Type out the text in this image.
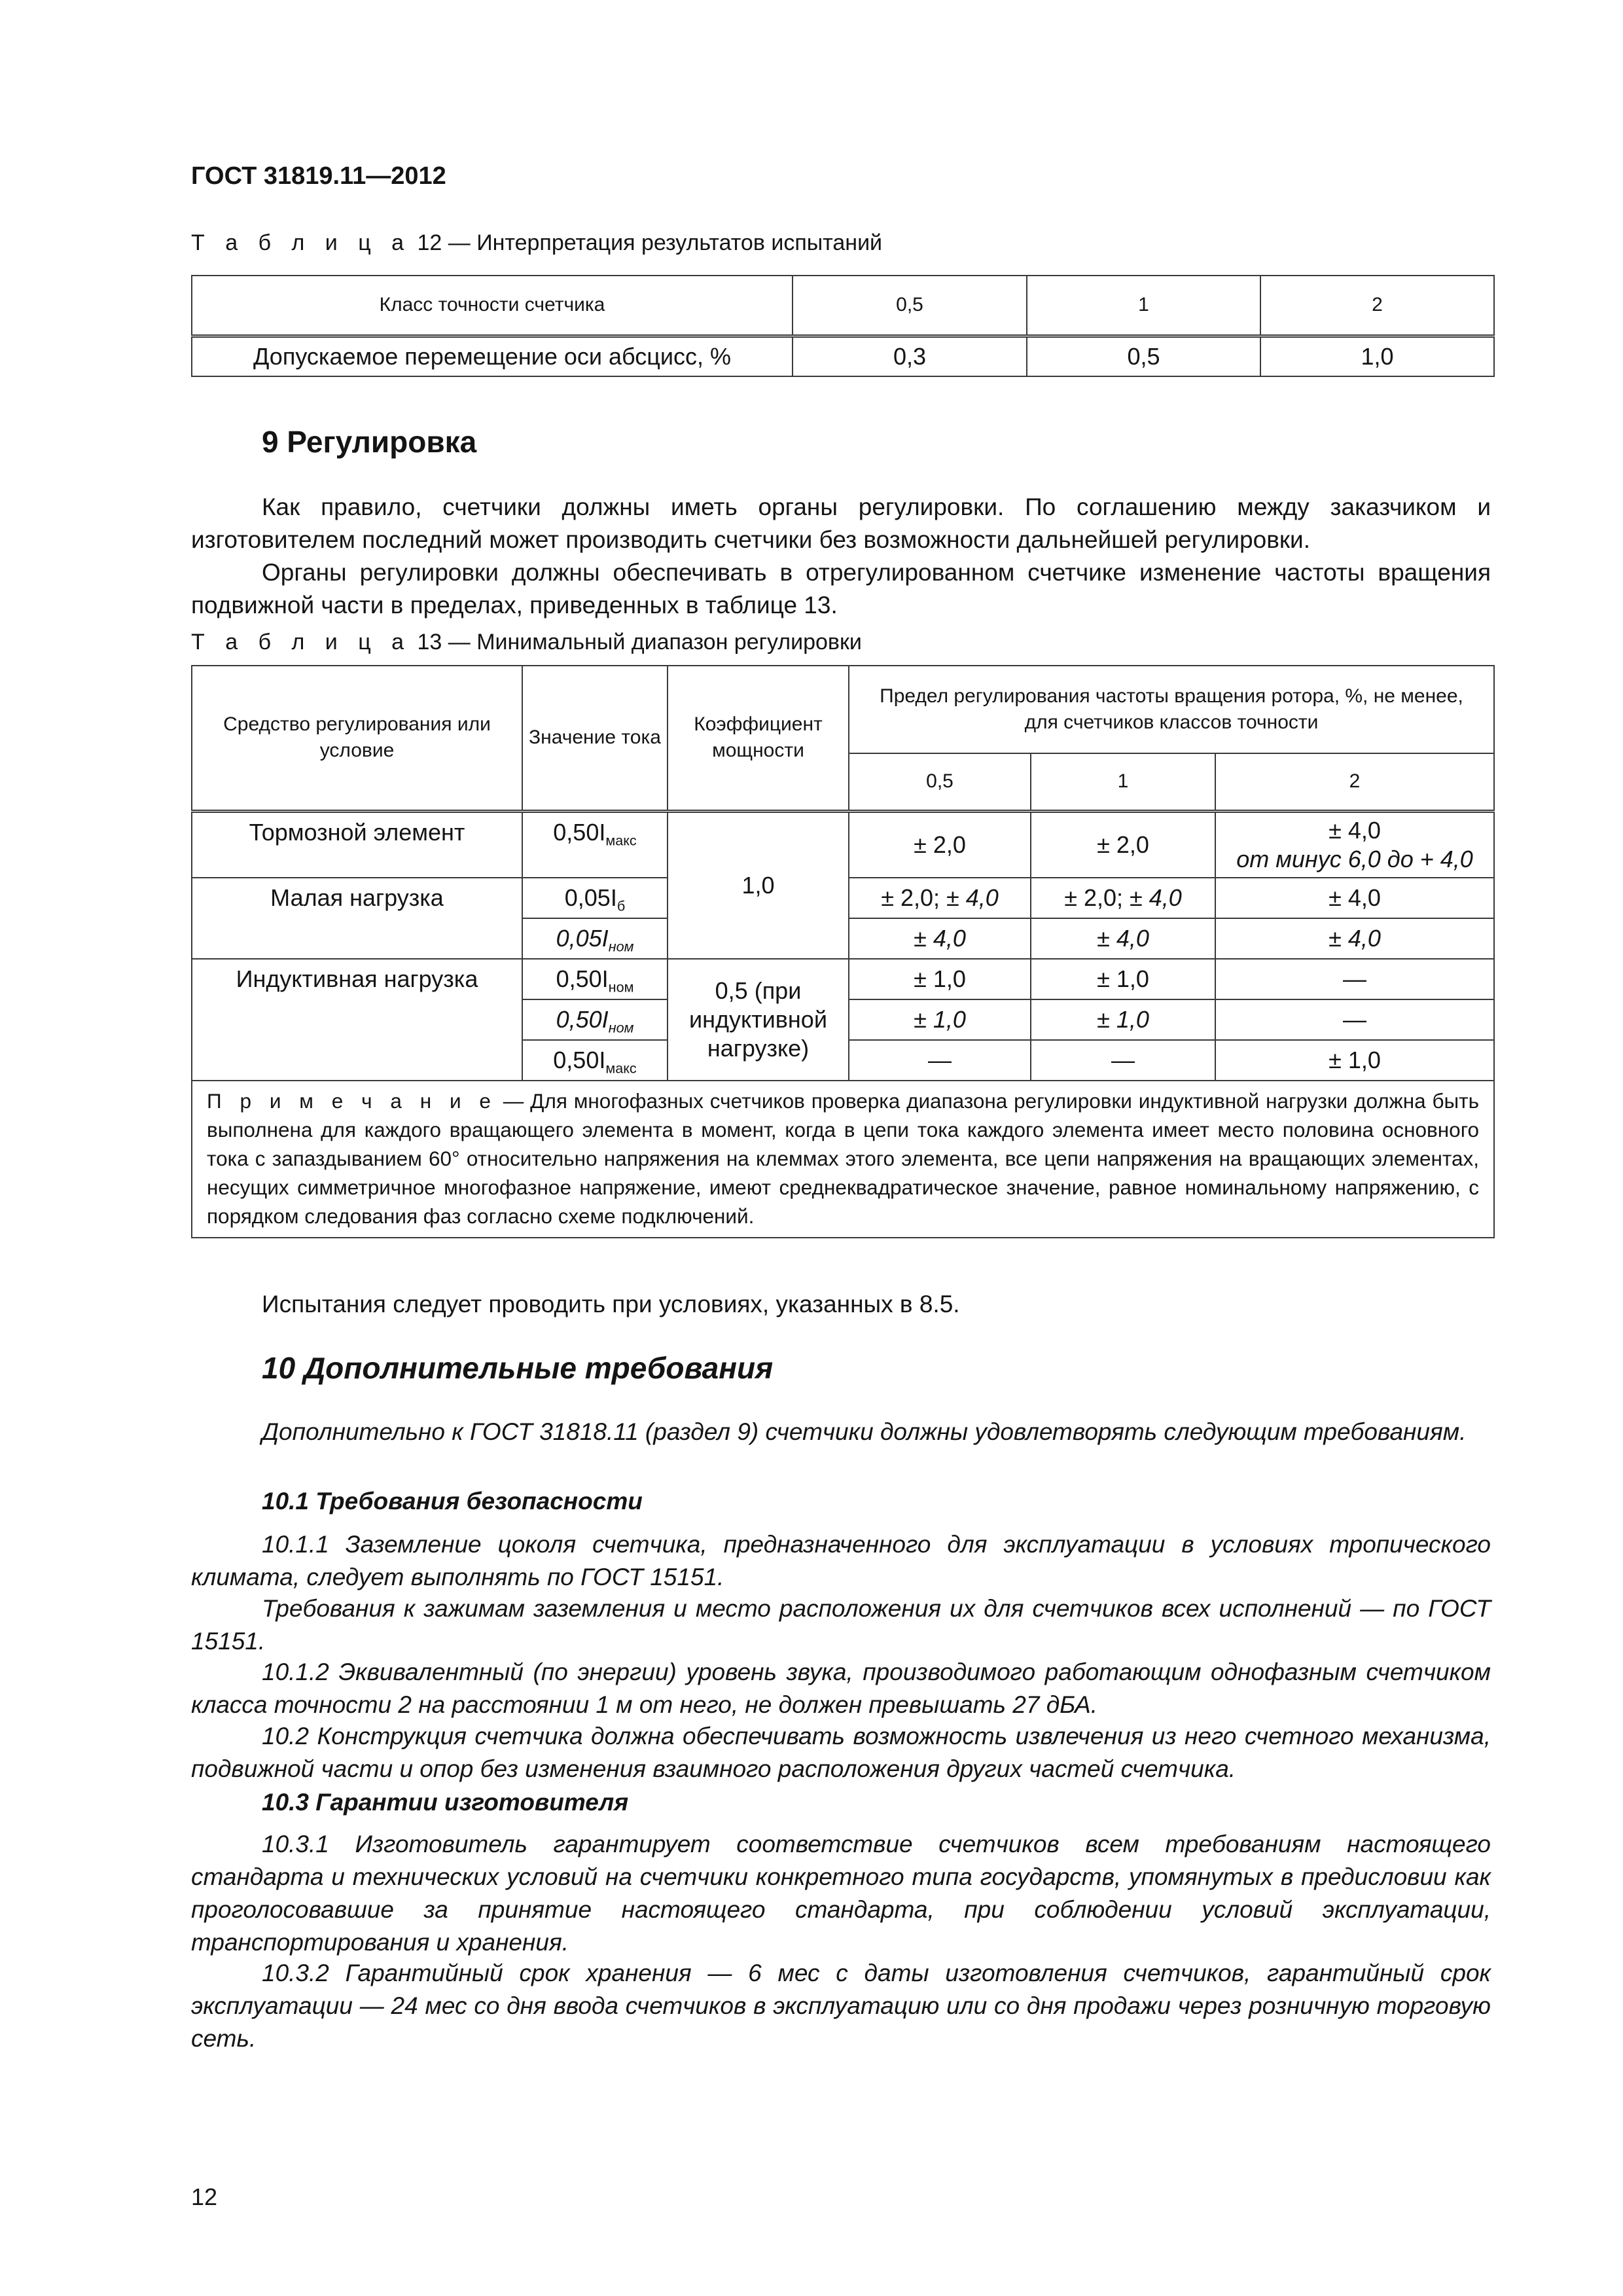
ГОСТ 31819.11—2012
Т а б л и ц а 12 — Интерпретация результатов испытаний
Класс точности счетчика	0,5	1	2
Допускаемое перемещение оси абсцисс, %	0,3	0,5	1,0
9 Регулировка

Как правило, счетчики должны иметь органы регулировки. По соглашению между заказчиком и изготовителем последний может производить счетчики без возможности дальнейшей регулировки.

Органы регулировки должны обеспечивать в отрегулированном счетчике изменение частоты вращения подвижной части в пределах, приведенных в таблице 13.

Т а б л и ц а 13 — Минимальный диапазон регулировки
Средство регулирования или условие	Значение тока	Коэффициент мощности	Предел регулирования частоты вращения ротора, %, не менее, для счетчиков классов точности		
			0,5	1	2
Тормозной элемент	$0,50I_{макс}$	1,0	± 2,0	± 2,0	± 4,0
от минус 6,0 до + 4,0

Малая нагрузка	$0,05I_б$		± 2,0; ± 4,0	± 2,0; ± 4,0	± 4,0
	$0,05I_{ном}$		± 4,0	± 4,0	± 4,0
Индуктивная нагрузка	$0,50I_{ном}$	0,5 (при индуктивной нагрузке)	± 1,0	± 1,0	—
	$0,50I_{ном}$		± 1,0	± 1,0	—
	$0,50I_{макс}$		—	—	± 1,0
П р и м е ч а н и е — Для многофазных счетчиков проверка диапазона регулировки индуктивной нагрузки должна быть выполнена для каждого вращающего элемента в момент, когда в цепи тока каждого элемента имеет место половина основного тока с запаздыванием 60° относительно напряжения на клеммах этого элемента, все цепи напряжения на вращающих элементах, несущих симметричное многофазное напряжение, имеют среднеквадратическое значение, равное номинальному напряжению, с порядком следования фаз согласно схеме подключений.					

Испытания следует проводить при условиях, указанных в 8.5.

10 Дополнительные требования

Дополнительно к ГОСТ 31818.11 (раздел 9) счетчики должны удовлетворять следующим требованиям.

10.1 Требования безопасности

10.1.1 Заземление цоколя счетчика, предназначенного для эксплуатации в условиях тропического климата, следует выполнять по ГОСТ 15151.

Требования к зажимам заземления и место расположения их для счетчиков всех исполнений — по ГОСТ 15151.

10.1.2 Эквивалентный (по энергии) уровень звука, производимого работающим однофазным счетчиком класса точности 2 на расстоянии 1 м от него, не должен превышать 27 дБА.

10.2 Конструкция счетчика должна обеспечивать возможность извлечения из него счетного механизма, подвижной части и опор без изменения взаимного расположения других частей счетчика.

10.3 Гарантии изготовителя

10.3.1 Изготовитель гарантирует соответствие счетчиков всем требованиям настоящего стандарта и технических условий на счетчики конкретного типа государств, упомянутых в предисловии как проголосовавшие за принятие настоящего стандарта, при соблюдении условий эксплуатации, транспортирования и хранения.

10.3.2 Гарантийный срок хранения — 6 мес с даты изготовления счетчиков, гарантийный срок эксплуатации — 24 мес со дня ввода счетчиков в эксплуатацию или со дня продажи через розничную торговую сеть.

12
